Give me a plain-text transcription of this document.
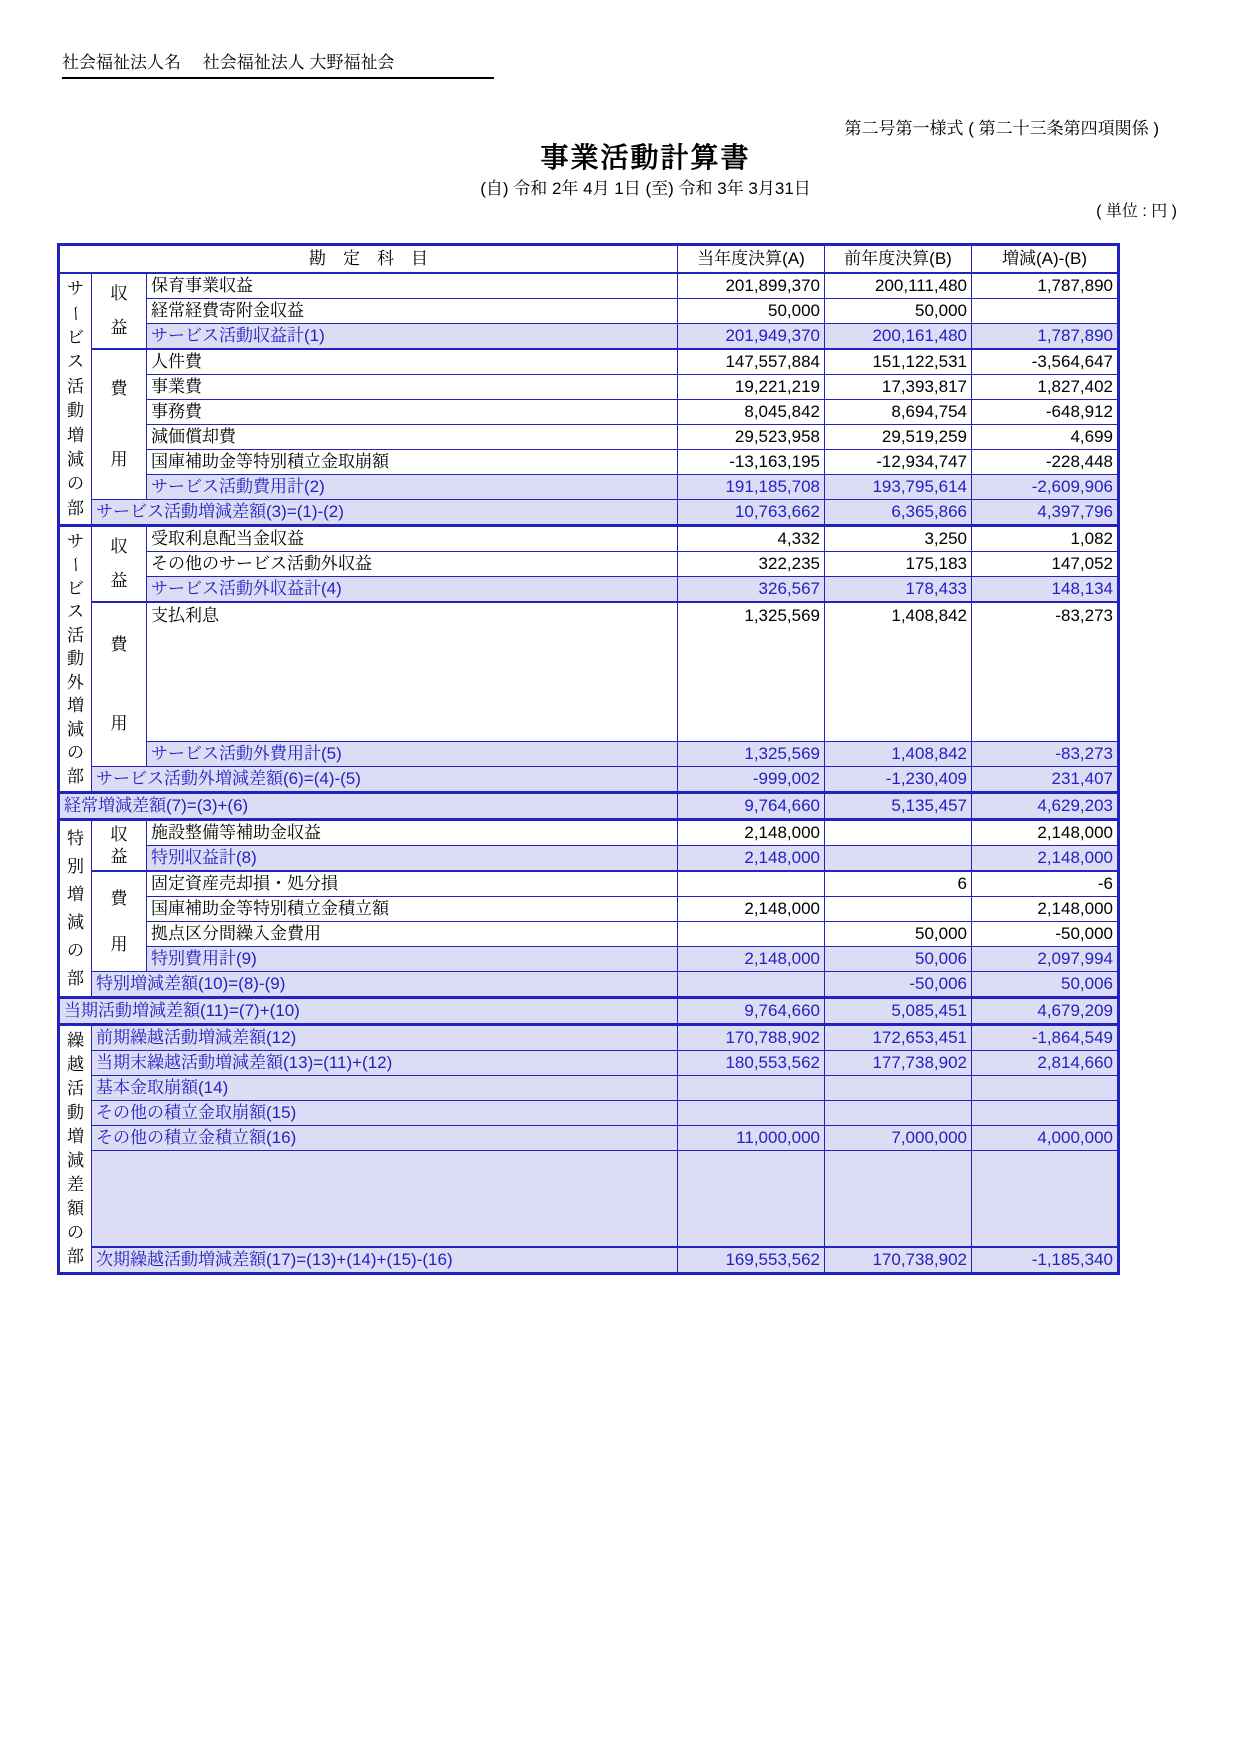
社会福祉法人名　 社会福祉法人 大野福祉会
第二号第一様式 ( 第二十三条第四項関係 )
事業活動計算書
(自) 令和 2年 4月 1日 (至) 令和 3年 3月31日
( 単位 : 円 )
勘　定　科　目			当年度決算(A)	前年度決算(B)	増減(A)-(B)

サ
ー
ビ
ス
活
動
増
減
の
部

収
益
	保育事業収益	201,899,370	200,111,480	1,787,890
		経常経費寄附金収益	50,000	50,000	
		サービス活動収益計(1)	201,949,370	200,161,480	1,787,890

	費
用	人件費	147,557,884	151,122,531	-3,564,647
		事業費	19,221,219	17,393,817	1,827,402
		事務費	8,045,842	8,694,754	-648,912
		減価償却費	29,523,958	29,519,259	4,699
		国庫補助金等特別積立金取崩額	-13,163,195	-12,934,747	-228,448
		サービス活動費用計(2)	191,185,708	193,795,614	-2,609,906
	サービス活動増減差額(3)=(1)-(2)		10,763,662	6,365,866	4,397,796

サ
ー
ビ
ス
活
動
外
増
減
の
部

収
益
	受取利息配当金収益	4,332	3,250	1,082
		その他のサービス活動外収益	322,235	175,183	147,052
		サービス活動外収益計(4)	326,567	178,433	148,134

	費
用	支払利息	1,325,569	1,408,842	-83,273
		サービス活動外費用計(5)	1,325,569	1,408,842	-83,273
	サービス活動外増減差額(6)=(4)-(5)		-999,002	-1,230,409	231,407
経常増減差額(7)=(3)+(6)			9,764,660	5,135,457	4,629,203

特
別
増
減
の
部

収
益
	施設整備等補助金収益	2,148,000		2,148,000
		特別収益計(8)	2,148,000		2,148,000

	費
用	固定資産売却損・処分損		6	-6
		国庫補助金等特別積立金積立額	2,148,000		2,148,000
		拠点区分間繰入金費用		50,000	-50,000
		特別費用計(9)	2,148,000	50,006	2,097,994
	特別増減差額(10)=(8)-(9)			-50,006	50,006
当期活動増減差額(11)=(7)+(10)			9,764,660	5,085,451	4,679,209

繰
越
活
動
増
減
差
額
の
部
	前期繰越活動増減差額(12)	170,788,902	172,653,451	-1,864,549
	当期末繰越活動増減差額(13)=(11)+(12)		180,553,562	177,738,902	2,814,660
	基本金取崩額(14)				
	その他の積立金取崩額(15)				
	その他の積立金積立額(16)		11,000,000	7,000,000	4,000,000

	次期繰越活動増減差額(17)=(13)+(14)+(15)-(16)		169,553,562	170,738,902	-1,185,340
